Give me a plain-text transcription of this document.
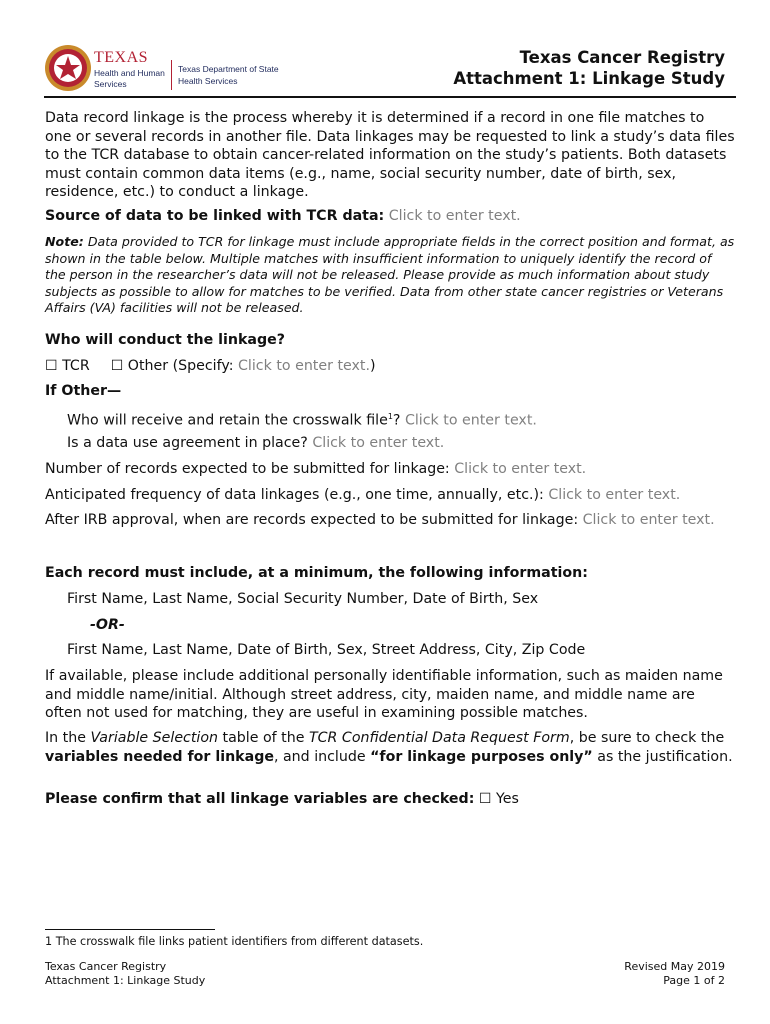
TEXAS
Health and Human
Services
Texas Department of State
Health Services
Texas Cancer Registry
Attachment 1: Linkage Study
Data record linkage is the process whereby it is determined if a record in one file matches to one or several records in another file. Data linkages may be requested to link a study’s data files to the TCR database to obtain cancer-related information on the study’s patients. Both datasets must contain common data items (e.g., name, social security number, date of birth, sex, residence, etc.) to conduct a linkage.
Source of data to be linked with TCR data: Click to enter text.
Note: Data provided to TCR for linkage must include appropriate fields in the correct position and format, as shown in the table below. Multiple matches with insufficient information to uniquely identify the record of the person in the researcher’s data will not be released. Please provide as much information about study subjects as possible to allow for matches to be verified. Data from other state cancer registries or Veterans Affairs (VA) facilities will not be released.
Who will conduct the linkage?
☐ TCR ☐ Other (Specify: Click to enter text.)
If Other—
Who will receive and retain the crosswalk file$^1$? Click to enter text.
Is a data use agreement in place? Click to enter text.
Number of records expected to be submitted for linkage: Click to enter text.
Anticipated frequency of data linkages (e.g., one time, annually, etc.): Click to enter text.
After IRB approval, when are records expected to be submitted for linkage: Click to enter text.
Each record must include, at a minimum, the following information:
First Name, Last Name, Social Security Number, Date of Birth, Sex
-OR-
First Name, Last Name, Date of Birth, Sex, Street Address, City, Zip Code
If available, please include additional personally identifiable information, such as maiden name and middle name/initial. Although street address, city, maiden name, and middle name are often not used for matching, they are useful in examining possible matches.
In the Variable Selection table of the TCR Confidential Data Request Form, be sure to check the variables needed for linkage, and include “for linkage purposes only” as the justification.
Please confirm that all linkage variables are checked: ☐ Yes
1 The crosswalk file links patient identifiers from different datasets.
Texas Cancer Registry
Attachment 1: Linkage Study
Revised May 2019
Page 1 of 2
